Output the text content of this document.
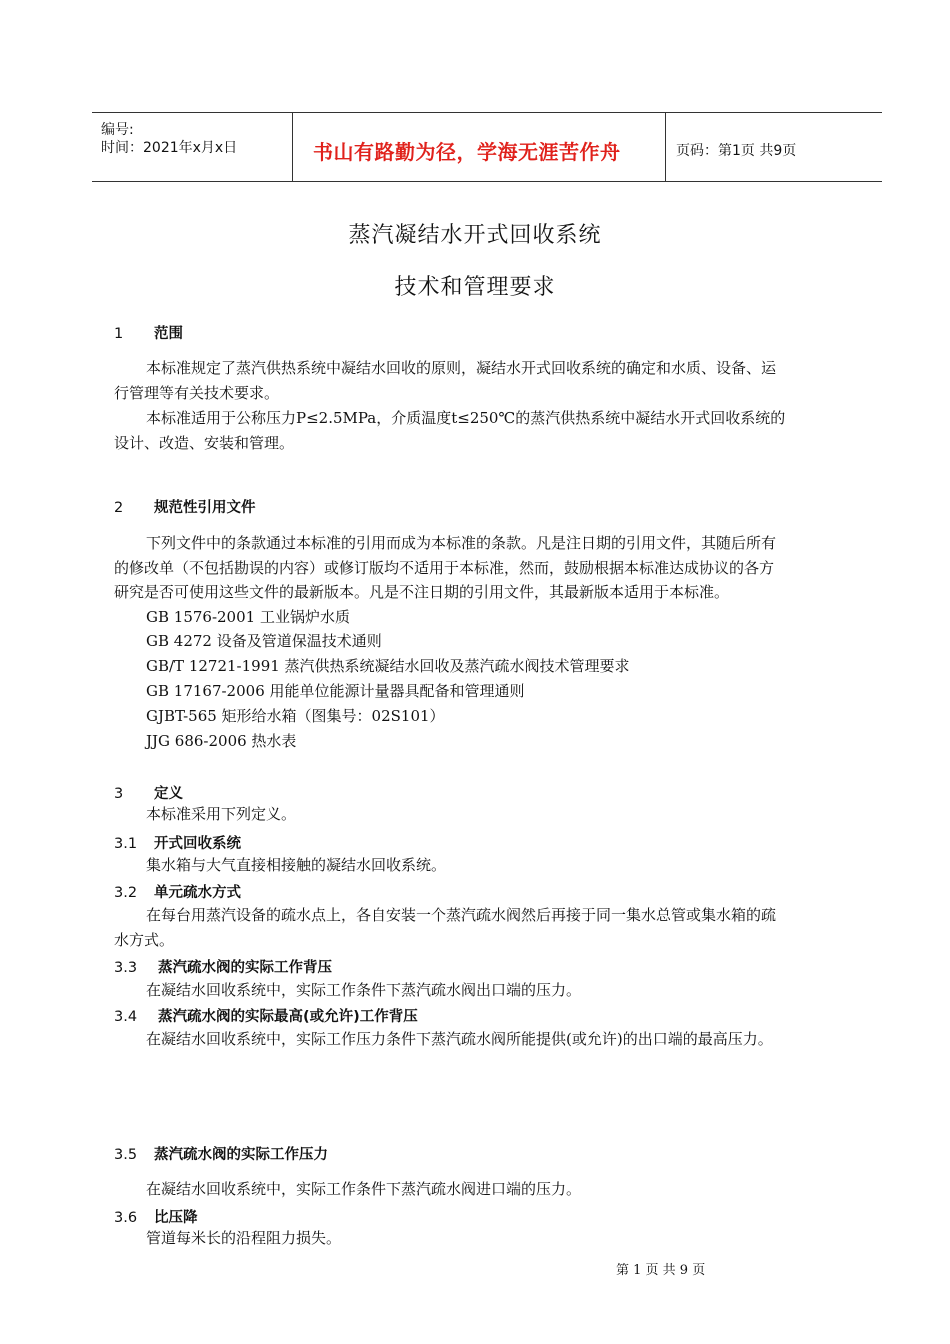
编号:
时间：2021年x月x日	书山有路勤为径，学海无涯苦作舟	页码：第1页 共9页
蒸汽凝结水开式回收系统
技术和管理要求
1 范围
本标准规定了蒸汽供热系统中凝结水回收的原则，凝结水开式回收系统的确定和水质、设备、运
行管理等有关技术要求。
本标准适用于公称压力P≤2.5MPa，介质温度t≤250℃的蒸汽供热系统中凝结水开式回收系统的
设计、改造、安装和管理。
2 规范性引用文件
下列文件中的条款通过本标准的引用而成为本标准的条款。凡是注日期的引用文件，其随后所有
的修改单（不包括勘误的内容）或修订版均不适用于本标准，然而，鼓励根据本标准达成协议的各方
研究是否可使用这些文件的最新版本。凡是不注日期的引用文件，其最新版本适用于本标准。
GB 1576-2001 工业锅炉水质
GB 4272 设备及管道保温技术通则
GB/T 12721-1991 蒸汽供热系统凝结水回收及蒸汽疏水阀技术管理要求
GB 17167-2006 用能单位能源计量器具配备和管理通则
GJBT-565 矩形给水箱（图集号：02S101）
JJG 686-2006 热水表
3 定义
本标准采用下列定义。
3.1 开式回收系统
集水箱与大气直接相接触的凝结水回收系统。
3.2 单元疏水方式
在每台用蒸汽设备的疏水点上，各自安装一个蒸汽疏水阀然后再接于同一集水总管或集水箱的疏
水方式。
3.3 蒸汽疏水阀的实际工作背压
在凝结水回收系统中，实际工作条件下蒸汽疏水阀出口端的压力。
3.4 蒸汽疏水阀的实际最高(或允许)工作背压
在凝结水回收系统中，实际工作压力条件下蒸汽疏水阀所能提供(或允许)的出口端的最高压力。
3.5 蒸汽疏水阀的实际工作压力
在凝结水回收系统中，实际工作条件下蒸汽疏水阀进口端的压力。
3.6 比压降
管道每米长的沿程阻力损失。
第 1 页 共 9 页
